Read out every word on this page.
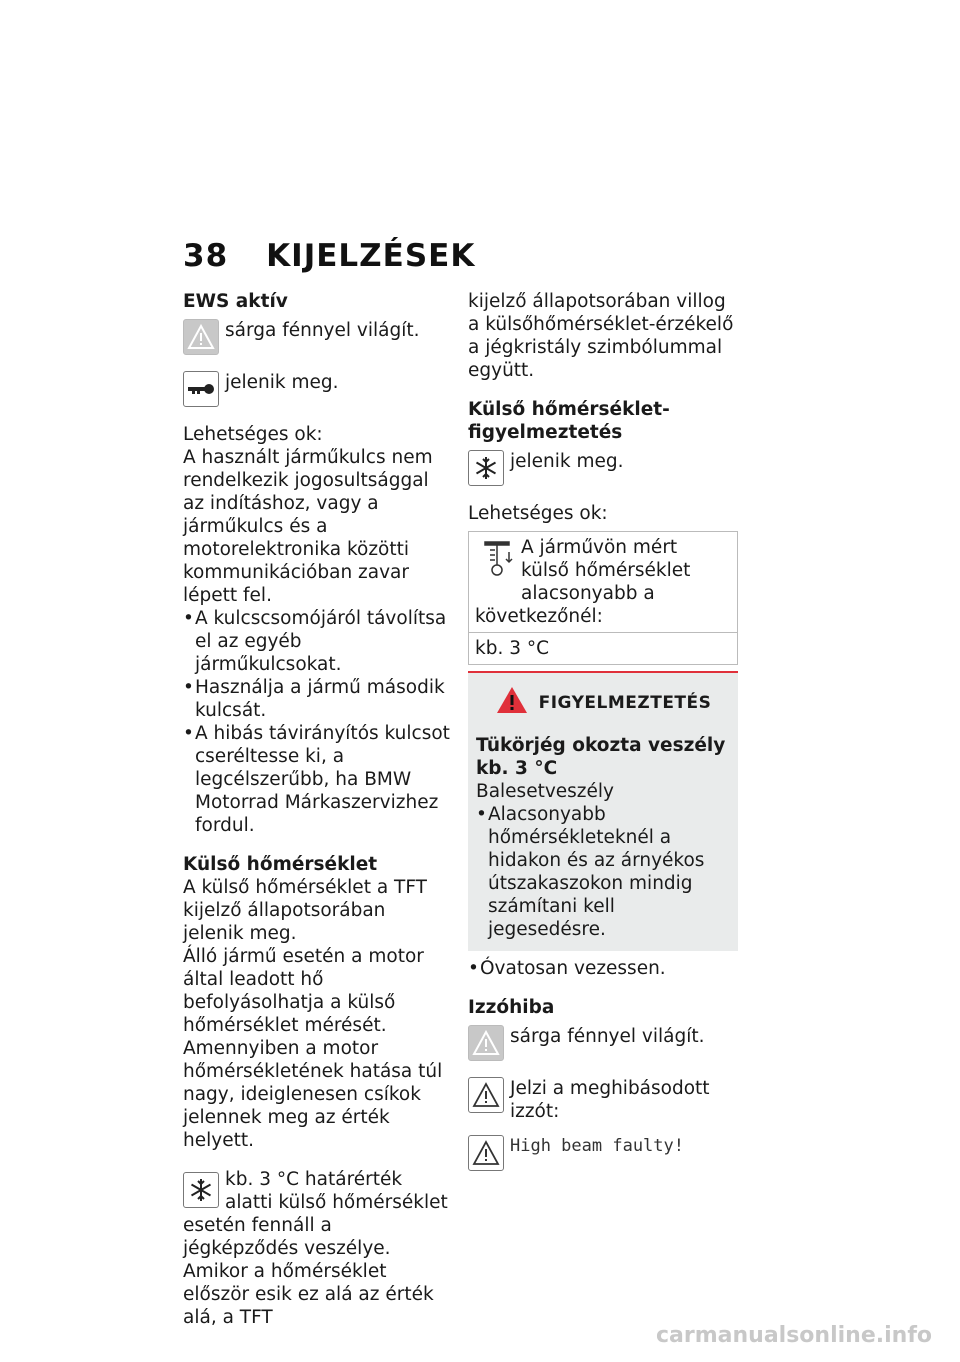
38 KIJELZÉSEK

EWS aktív

sárga fénnyel világít.
jelenik meg.

Lehetséges ok:

A használt járműkulcs nem rendelkezik jogosultsággal az indításhoz, vagy a járműkulcs és a motorelektronika közötti kommunikációban zavar lépett fel.

• A kulcscsomójáról távolítsa el az egyéb járműkulcsokat.
• Használja a jármű második kulcsát.
• A hibás távirányítós kulcsot cseréltesse ki, a legcélszerűbb, ha BMW Motorrad Márkaszervizhez fordul.

Külső hőmérséklet

A külső hőmérséklet a TFT kijelző állapotsorában jelenik meg.

Álló jármű esetén a motor által leadott hő befolyásolhatja a külső hőmérséklet mérését. Amennyiben a motor hőmérsékletének hatása túl nagy, ideiglenesen csíkok jelennek meg az érték helyett.

kb. 3 °C határérték alatti külső hőmérséklet esetén fennáll a jégképződés veszélye. Amikor a hőmérséklet először esik ez alá az érték alá, a TFT

kijelző állapotsorában villog a külsőhőmérséklet-érzékelő a jégkristály szimbólummal együtt.

Külső hőmérséklet-figyelmeztetés

jelenik meg.

Lehetséges ok:

A járművön mért külső hőmérséklet alacsonyabb a következőnél:
kb. 3 °C
FIGYELMEZTETÉS

Tükörjég okozta veszély kb. 3 °C

Balesetveszély

• Alacsonyabb hőmérsékleteknél a hidakon és az árnyékos útszakaszokon mindig számítani kell jegesedésre.
• Óvatosan vezessen.

Izzóhiba

sárga fénnyel világít.
Jelzi a meghibásodott izzót:
High beam faulty!
carmanualsonline.info
